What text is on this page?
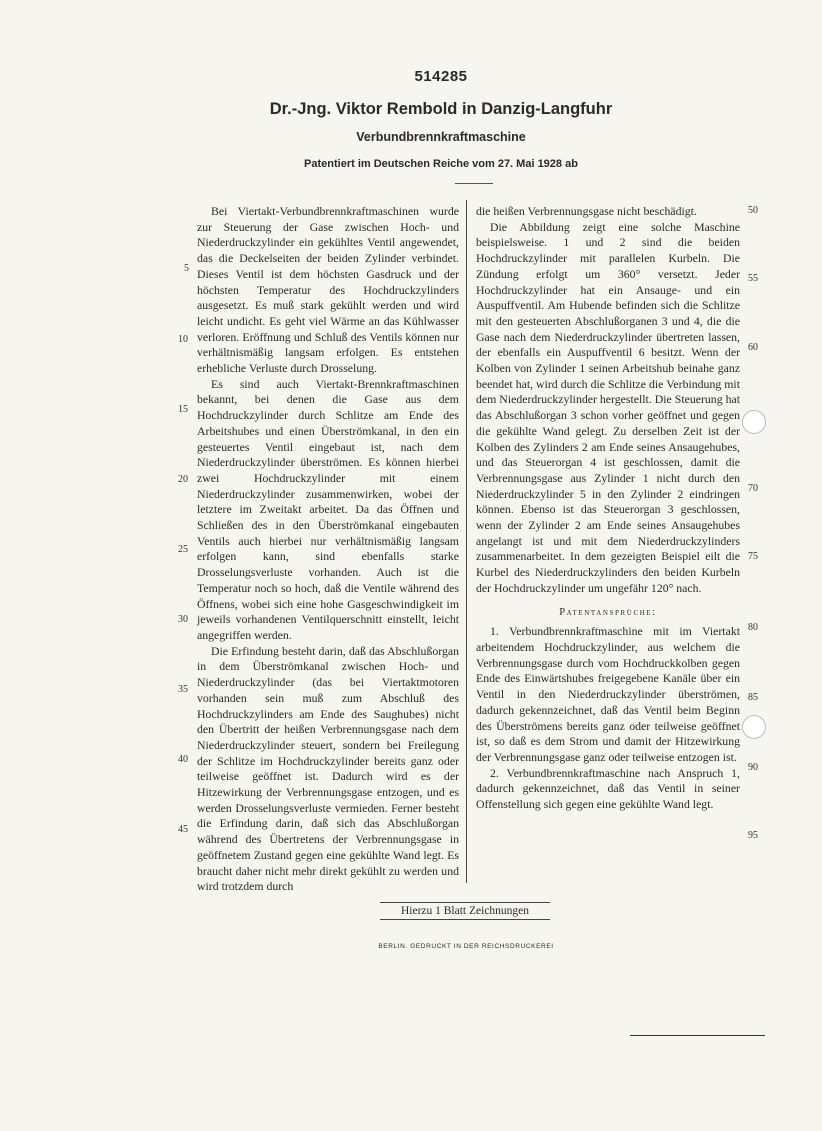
514285
Dr.-Jng. Viktor Rembold in Danzig-Langfuhr
Verbundbrennkraftmaschine
Patentiert im Deutschen Reiche vom 27. Mai 1928 ab

Bei Viertakt-Verbundbrennkraftmaschinen wurde zur Steuerung der Gase zwischen Hoch- und Niederdruckzylinder ein gekühltes Ventil angewendet, das die Deckelseiten der beiden Zylinder verbindet. Dieses Ventil ist dem höchsten Gasdruck und der höchsten Temperatur des Hochdruckzylinders ausgesetzt. Es muß stark gekühlt werden und wird leicht undicht. Es geht viel Wärme an das Kühlwasser verloren. Eröffnung und Schluß des Ventils können nur verhältnismäßig langsam erfolgen. Es entstehen erhebliche Verluste durch Drosselung.

Es sind auch Viertakt-Brennkraftmaschinen bekannt, bei denen die Gase aus dem Hochdruckzylinder durch Schlitze am Ende des Arbeitshubes und einen Überströmkanal, in den ein gesteuertes Ventil eingebaut ist, nach dem Niederdruckzylinder überströmen. Es können hierbei zwei Hochdruckzylinder mit einem Niederdruckzylinder zusammenwirken, wobei der letztere im Zweitakt arbeitet. Da das Öffnen und Schließen des in den Überströmkanal eingebauten Ventils auch hierbei nur verhältnismäßig langsam erfolgen kann, sind ebenfalls starke Drosselungsverluste vorhanden. Auch ist die Temperatur noch so hoch, daß die Ventile während des Öffnens, wobei sich eine hohe Gasgeschwindigkeit im jeweils vorhandenen Ventilquerschnitt einstellt, leicht angegriffen werden.

Die Erfindung besteht darin, daß das Abschlußorgan in dem Überströmkanal zwischen Hoch- und Niederdruckzylinder (das bei Viertaktmotoren vorhanden sein muß zum Abschluß des Hochdruckzylinders am Ende des Saughubes) nicht den Übertritt der heißen Verbrennungsgase nach dem Niederdruckzylinder steuert, sondern bei Freilegung der Schlitze im Hochdruckzylinder bereits ganz oder teilweise geöffnet ist. Dadurch wird es der Hitzewirkung der Verbrennungsgase entzogen, und es werden Drosselungsverluste vermieden. Ferner besteht die Erfindung darin, daß sich das Abschlußorgan während des Übertretens der Verbrennungsgase in geöffnetem Zustand gegen eine gekühlte Wand legt. Es braucht daher nicht mehr direkt gekühlt zu werden und wird trotzdem durch

die heißen Verbrennungsgase nicht beschädigt.

Die Abbildung zeigt eine solche Maschine beispielsweise. 1 und 2 sind die beiden Hochdruckzylinder mit parallelen Kurbeln. Die Zündung erfolgt um 360° versetzt. Jeder Hochdruckzylinder hat ein Ansauge- und ein Auspuffventil. Am Hubende befinden sich die Schlitze mit den gesteuerten Abschlußorganen 3 und 4, die die Gase nach dem Niederdruckzylinder übertreten lassen, der ebenfalls ein Auspuffventil 6 besitzt. Wenn der Kolben von Zylinder 1 seinen Arbeitshub beinahe ganz beendet hat, wird durch die Schlitze die Verbindung mit dem Niederdruckzylinder hergestellt. Die Steuerung hat das Abschlußorgan 3 schon vorher geöffnet und gegen die gekühlte Wand gelegt. Zu derselben Zeit ist der Kolben des Zylinders 2 am Ende seines Ansaugehubes, und das Steuerorgan 4 ist geschlossen, damit die Verbrennungsgase aus Zylinder 1 nicht durch den Niederdruckzylinder 5 in den Zylinder 2 eindringen können. Ebenso ist das Steuerorgan 3 geschlossen, wenn der Zylinder 2 am Ende seines Ansaugehubes angelangt ist und mit dem Niederdruckzylinders zusammenarbeitet. In dem gezeigten Beispiel eilt die Kurbel des Niederdruckzylinders den beiden Kurbeln der Hochdruckzylinder um ungefähr 120° nach.

Patentansprüche:

1. Verbundbrennkraftmaschine mit im Viertakt arbeitendem Hochdruckzylinder, aus welchem die Verbrennungsgase durch vom Hochdruckkolben gegen Ende des Einwärtshubes freigegebene Kanäle über ein Ventil in den Niederdruckzylinder überströmen, dadurch gekennzeichnet, daß das Ventil beim Beginn des Überströmens bereits ganz oder teilweise geöffnet ist, so daß es dem Strom und damit der Hitzewirkung der Verbrennungsgase ganz oder teilweise entzogen ist.

2. Verbundbrennkraftmaschine nach Anspruch 1, dadurch gekennzeichnet, daß das Ventil in seiner Offenstellung sich gegen eine gekühlte Wand legt.

5
10
15
20
25
30
35
40
45
50
55
60
70
75
80
85
90
95
Hierzu 1 Blatt Zeichnungen
BERLIN. GEDRUCKT IN DER REICHSDRUCKEREI
